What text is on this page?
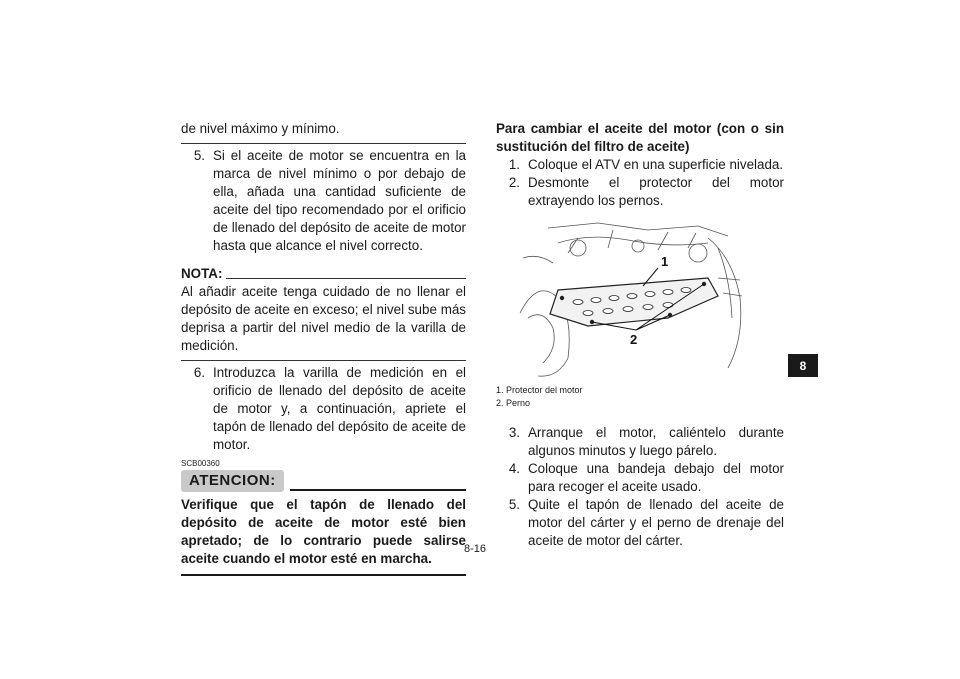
de nivel máximo y mínimo.

5. Si el aceite de motor se encuentra en la marca de nivel mínimo o por debajo de ella, añada una cantidad suficiente de aceite del tipo recomendado por el orificio de llenado del depósito de aceite de motor hasta que alcance el nivel correcto.
NOTA:

Al añadir aceite tenga cuidado de no llenar el depósito de aceite en exceso; el nivel sube más deprisa a partir del nivel medio de la varilla de medición.

6. Introduzca la varilla de medición en el orificio de llenado del depósito de aceite de motor y, a continuación, apriete el tapón de llenado del depósito de aceite de motor.
SCB00360
ATENCION:

Verifique que el tapón de llenado del depósito de aceite de motor esté bien apretado; de lo contrario puede salirse aceite cuando el motor esté en marcha.

Para cambiar el aceite del motor (con o sin sustitución del filtro de aceite)

1. Coloque el ATV en una superficie nivelada.
2. Desmonte el protector del motor extrayendo los pernos.
1
2
1. Protector del motor
2. Perno
3. Arranque el motor, caliéntelo durante algunos minutos y luego párelo.
4. Coloque una bandeja debajo del motor para recoger el aceite usado.
5. Quite el tapón de llenado del aceite de motor del cárter y el perno de drenaje del aceite de motor del cárter.
8-16
8
